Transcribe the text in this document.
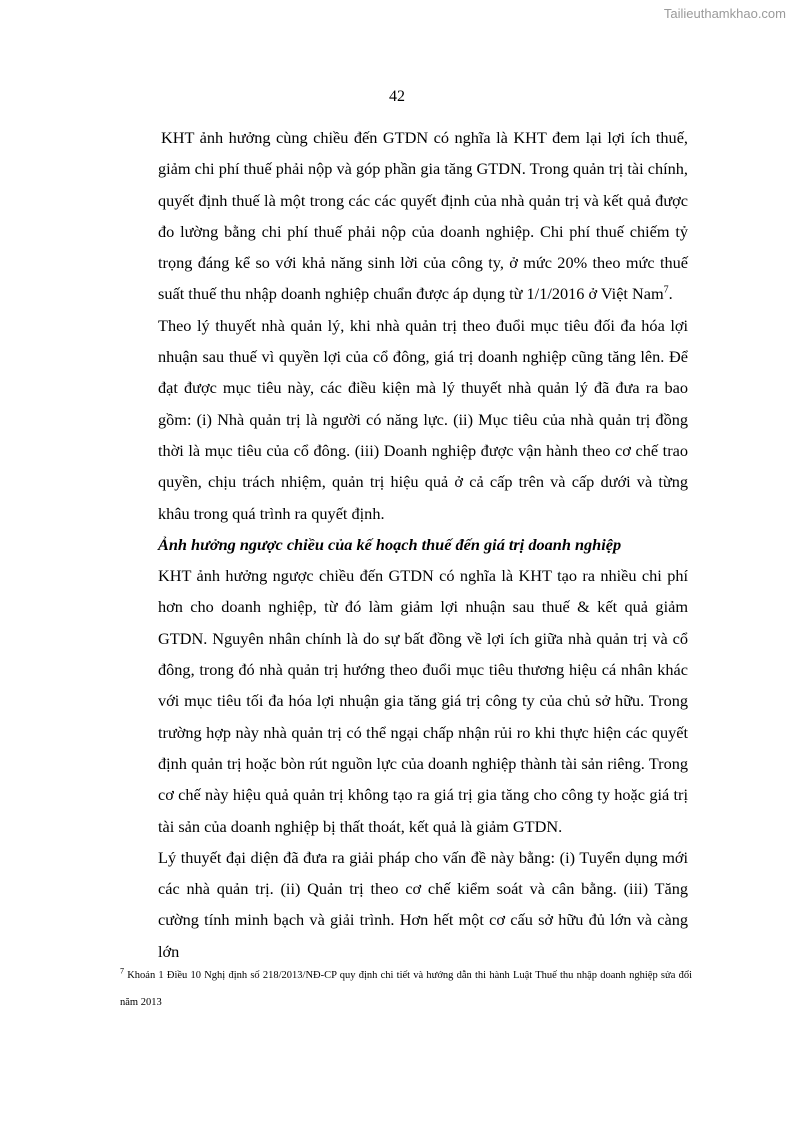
Tailieuthamkhao.com
42

KHT ảnh hưởng cùng chiều đến GTDN có nghĩa là KHT đem lại lợi ích thuế, giảm chi phí thuế phải nộp và góp phần gia tăng GTDN. Trong quản trị tài chính, quyết định thuế là một trong các các quyết định của nhà quản trị và kết quả được đo lường bằng chi phí thuế phải nộp của doanh nghiệp. Chi phí thuế chiếm tỷ trọng đáng kể so với khả năng sinh lời của công ty, ở mức 20% theo mức thuế suất thuế thu nhập doanh nghiệp chuẩn được áp dụng từ 1/1/2016 ở Việt Nam$^7$.

Theo lý thuyết nhà quản lý, khi nhà quản trị theo đuổi mục tiêu đối đa hóa lợi nhuận sau thuế vì quyền lợi của cổ đông, giá trị doanh nghiệp cũng tăng lên. Để đạt được mục tiêu này, các điều kiện mà lý thuyết nhà quản lý đã đưa ra bao gồm: (i) Nhà quản trị là người có năng lực. (ii) Mục tiêu của nhà quản trị đồng thời là mục tiêu của cổ đông. (iii) Doanh nghiệp được vận hành theo cơ chế trao quyền, chịu trách nhiệm, quản trị hiệu quả ở cả cấp trên và cấp dưới và từng khâu trong quá trình ra quyết định.

Ảnh hưởng ngược chiều của kế hoạch thuế đến giá trị doanh nghiệp

KHT ảnh hưởng ngược chiều đến GTDN có nghĩa là KHT tạo ra nhiều chi phí hơn cho doanh nghiệp, từ đó làm giảm lợi nhuận sau thuế & kết quả giảm GTDN. Nguyên nhân chính là do sự bất đồng về lợi ích giữa nhà quản trị và cổ đông, trong đó nhà quản trị hướng theo đuổi mục tiêu thương hiệu cá nhân khác với mục tiêu tối đa hóa lợi nhuận gia tăng giá trị công ty của chủ sở hữu. Trong trường hợp này nhà quản trị có thể ngại chấp nhận rủi ro khi thực hiện các quyết định quản trị hoặc bòn rút nguồn lực của doanh nghiệp thành tài sản riêng. Trong cơ chế này hiệu quả quản trị không tạo ra giá trị gia tăng cho công ty hoặc giá trị tài sản của doanh nghiệp bị thất thoát, kết quả là giảm GTDN.

Lý thuyết đại diện đã đưa ra giải pháp cho vấn đề này bằng: (i) Tuyển dụng mới các nhà quản trị. (ii) Quản trị theo cơ chế kiểm soát và cân bằng. (iii) Tăng cường tính minh bạch và giải trình. Hơn hết một cơ cấu sở hữu đủ lớn và càng lớn

$^7$ Khoản 1 Điều 10 Nghị định số 218/2013/NĐ-CP quy định chi tiết và hướng dẫn thi hành Luật Thuế thu nhập doanh nghiệp sửa đổi năm 2013
